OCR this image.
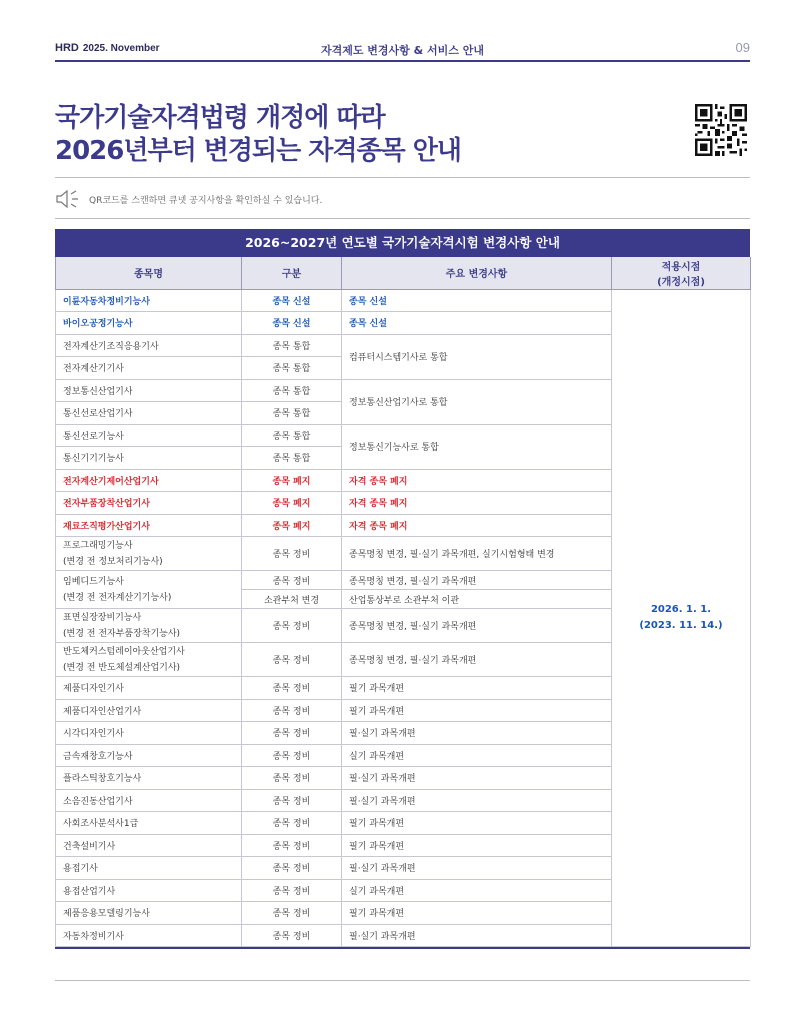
HRD 2025. November	자격제도 변경사항 & 서비스 안내	09
국가기술자격법령 개정에 따라
2026년부터 변경되는 자격종목 안내
QR코드를 스캔하면 큐넷 공지사항을 확인하실 수 있습니다.
2026~2027년 연도별 국가기술자격시험 변경사항 안내
종목명	구분	주요 변경사항	적용시점
(개정시점)
이륜자동차정비기능사	종목 신설	종목 신설	2026. 1. 1.
(2023. 11. 14.)
바이오공정기능사	종목 신설	종목 신설	
전자계산기조직응용기사	종목 통합	컴퓨터시스템기사로 통합	
전자계산기기사	종목 통합		
정보통신산업기사	종목 통합	정보통신산업기사로 통합	
통신선로산업기사	종목 통합		
통신선로기능사	종목 통합	정보통신기능사로 통합	
통신기기기능사	종목 통합		
전자계산기제어산업기사	종목 폐지	자격 종목 폐지	
전자부품장착산업기사	종목 폐지	자격 종목 폐지	
재료조직평가산업기사	종목 폐지	자격 종목 폐지	
프로그래밍기능사
(변경 전 정보처리기능사)	종목 정비	종목명칭 변경, 필·실기 과목개편, 실기시험형태 변경	
임베디드기능사
(변경 전 전자계산기기능사)	종목 정비	종목명칭 변경, 필·실기 과목개편	
	소관부처 변경	산업통상부로 소관부처 이관	
표면실장장비기능사
(변경 전 전자부품장착기능사)	종목 정비	종목명칭 변경, 필·실기 과목개편	
반도체커스텀레이아웃산업기사
(변경 전 반도체설계산업기사)	종목 정비	종목명칭 변경, 필·실기 과목개편	
제품디자인기사	종목 정비	필기 과목개편	
제품디자인산업기사	종목 정비	필기 과목개편	
시각디자인기사	종목 정비	필·실기 과목개편	
금속재창호기능사	종목 정비	실기 과목개편	
플라스틱창호기능사	종목 정비	필·실기 과목개편	
소음진동산업기사	종목 정비	필·실기 과목개편	
사회조사분석사1급	종목 정비	필기 과목개편	
건축설비기사	종목 정비	필기 과목개편	
용접기사	종목 정비	필·실기 과목개편	
용접산업기사	종목 정비	실기 과목개편	
제품응용모델링기능사	종목 정비	필기 과목개편	
자동차정비기사	종목 정비	필·실기 과목개편	
